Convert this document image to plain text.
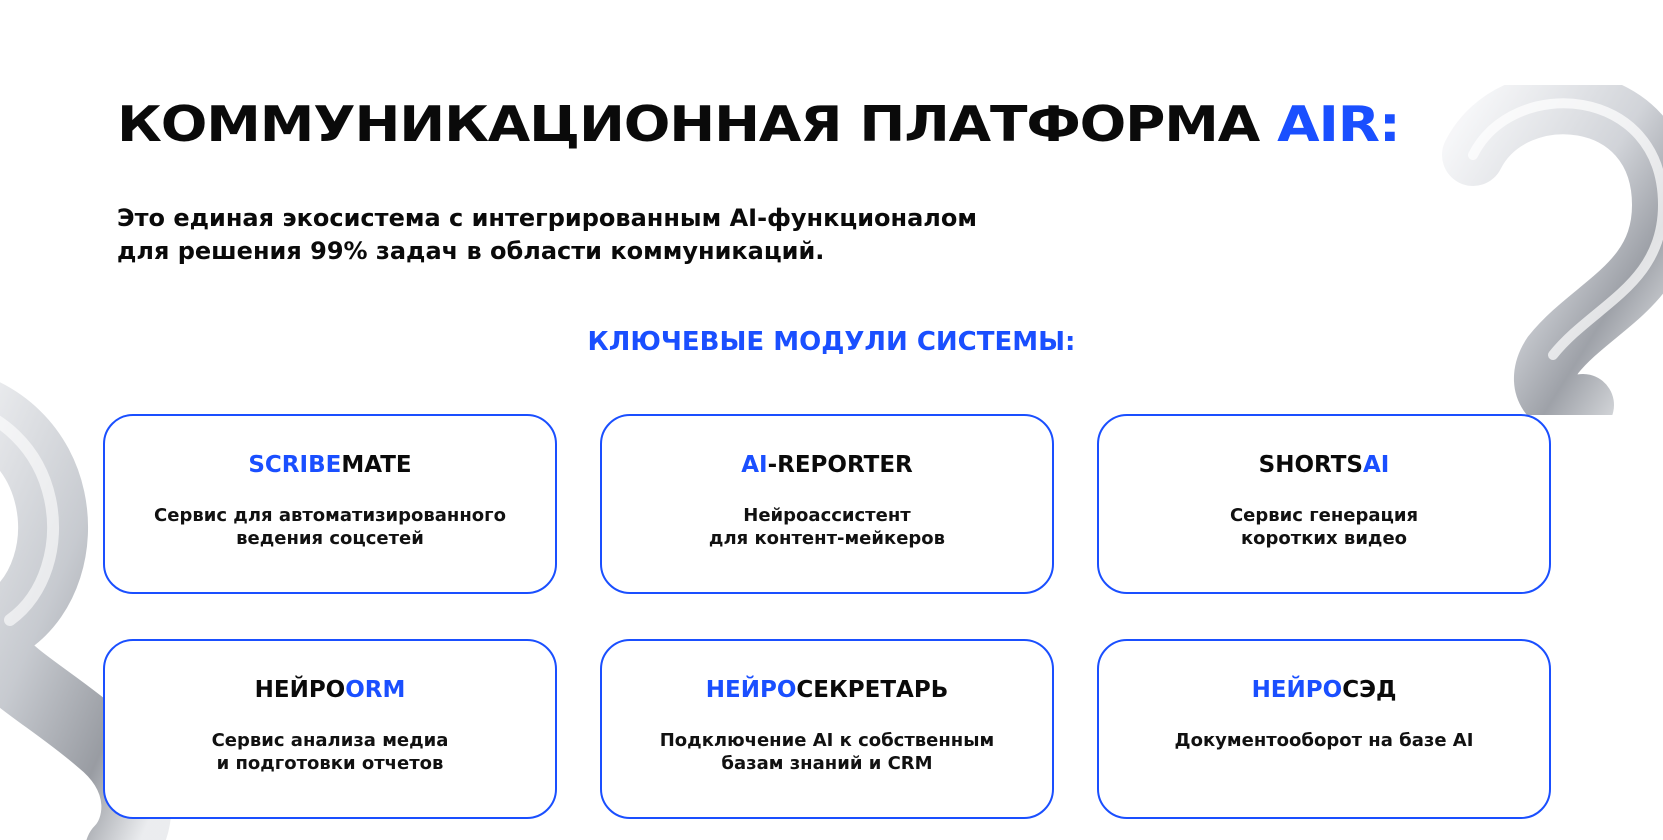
КОММУНИКАЦИОННАЯ ПЛАТФОРМА AIR:

Это единая экосистема с интегрированным AI-функционалом
для решения 99% задач в области коммуникаций.

КЛЮЧЕВЫЕ МОДУЛИ СИСТЕМЫ:

SCRIBEMATE

Сервис для автоматизированного
ведения соцсетей

AI-REPORTER

Нейроассистент
для контент-мейкеров

SHORTSAI

Сервис генерация
коротких видео

НЕЙРОORM

Сервис анализа медиа
и подготовки отчетов

НЕЙРОСЕКРЕТАРЬ

Подключение AI к собственным
базам знаний и CRM

НЕЙРОСЭД

Документооборот на базе AI
